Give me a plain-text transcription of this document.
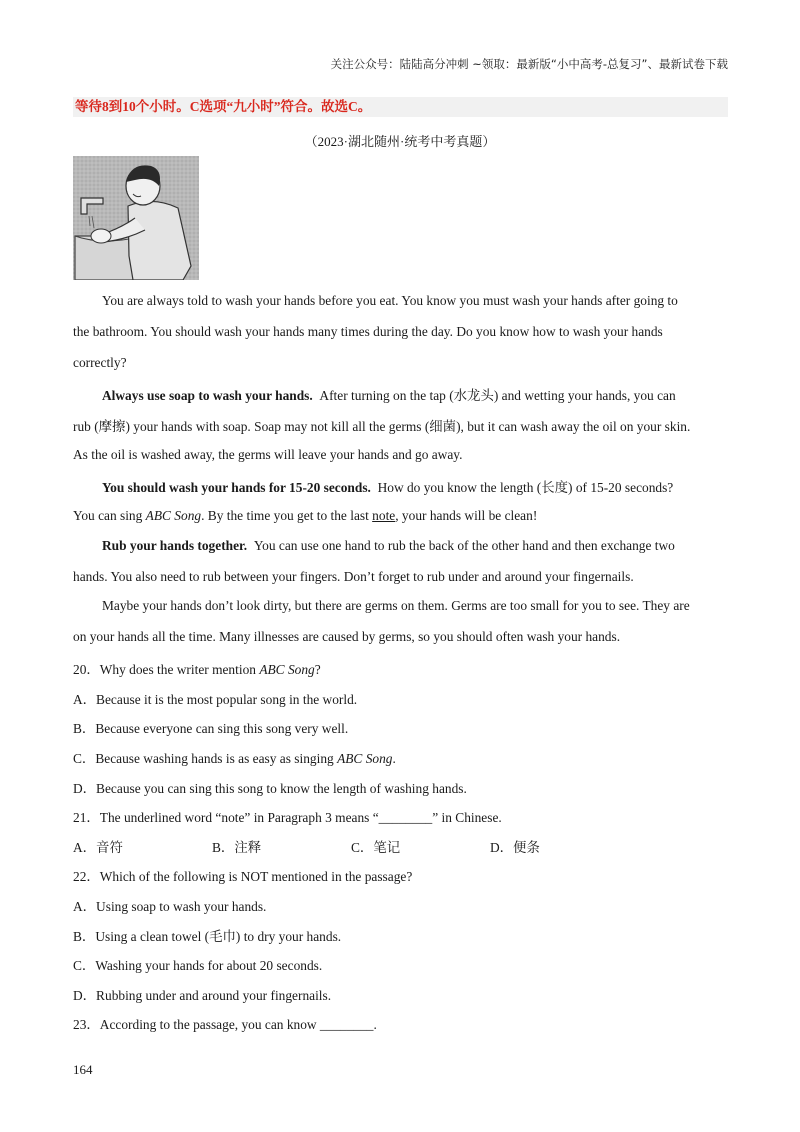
关注公众号：陆陆高分冲刺 ~领取：最新版“小中高考-总复习”、最新试卷下载
等待8到10个小时。C选项“九小时”符合。故选C。
（2023·湖北随州·统考中考真题）
You are always told to wash your hands before you eat. You know you must wash your hands after going to
the bathroom. You should wash your hands many times during the day. Do you know how to wash your hands
correctly?
Always use soap to wash your hands. After turning on the tap (水龙头) and wetting your hands, you can
rub (摩擦) your hands with soap. Soap may not kill all the germs (细菌), but it can wash away the oil on your skin.
As the oil is washed away, the germs will leave your hands and go away.
You should wash your hands for 15-20 seconds. How do you know the length (长度) of 15-20 seconds?
You can sing ABC Song. By the time you get to the last note, your hands will be clean!
Rub your hands together. You can use one hand to rub the back of the other hand and then exchange two
hands. You also need to rub between your fingers. Don’t forget to rub under and around your fingernails.
Maybe your hands don’t look dirty, but there are germs on them. Germs are too small for you to see. They are
on your hands all the time. Many illnesses are caused by germs, so you should often wash your hands.
20．Why does the writer mention ABC Song?
A．Because it is the most popular song in the world.
B．Because everyone can sing this song very well.
C．Because washing hands is as easy as singing ABC Song.
D．Because you can sing this song to know the length of washing hands.
21．The underlined word “note” in Paragraph 3 means “________” in Chinese.
A．音符	B．注释	C．笔记	D．便条
22．Which of the following is NOT mentioned in the passage?
A．Using soap to wash your hands.
B．Using a clean towel (毛巾) to dry your hands.
C．Washing your hands for about 20 seconds.
D．Rubbing under and around your fingernails.
23．According to the passage, you can know ________.
164
